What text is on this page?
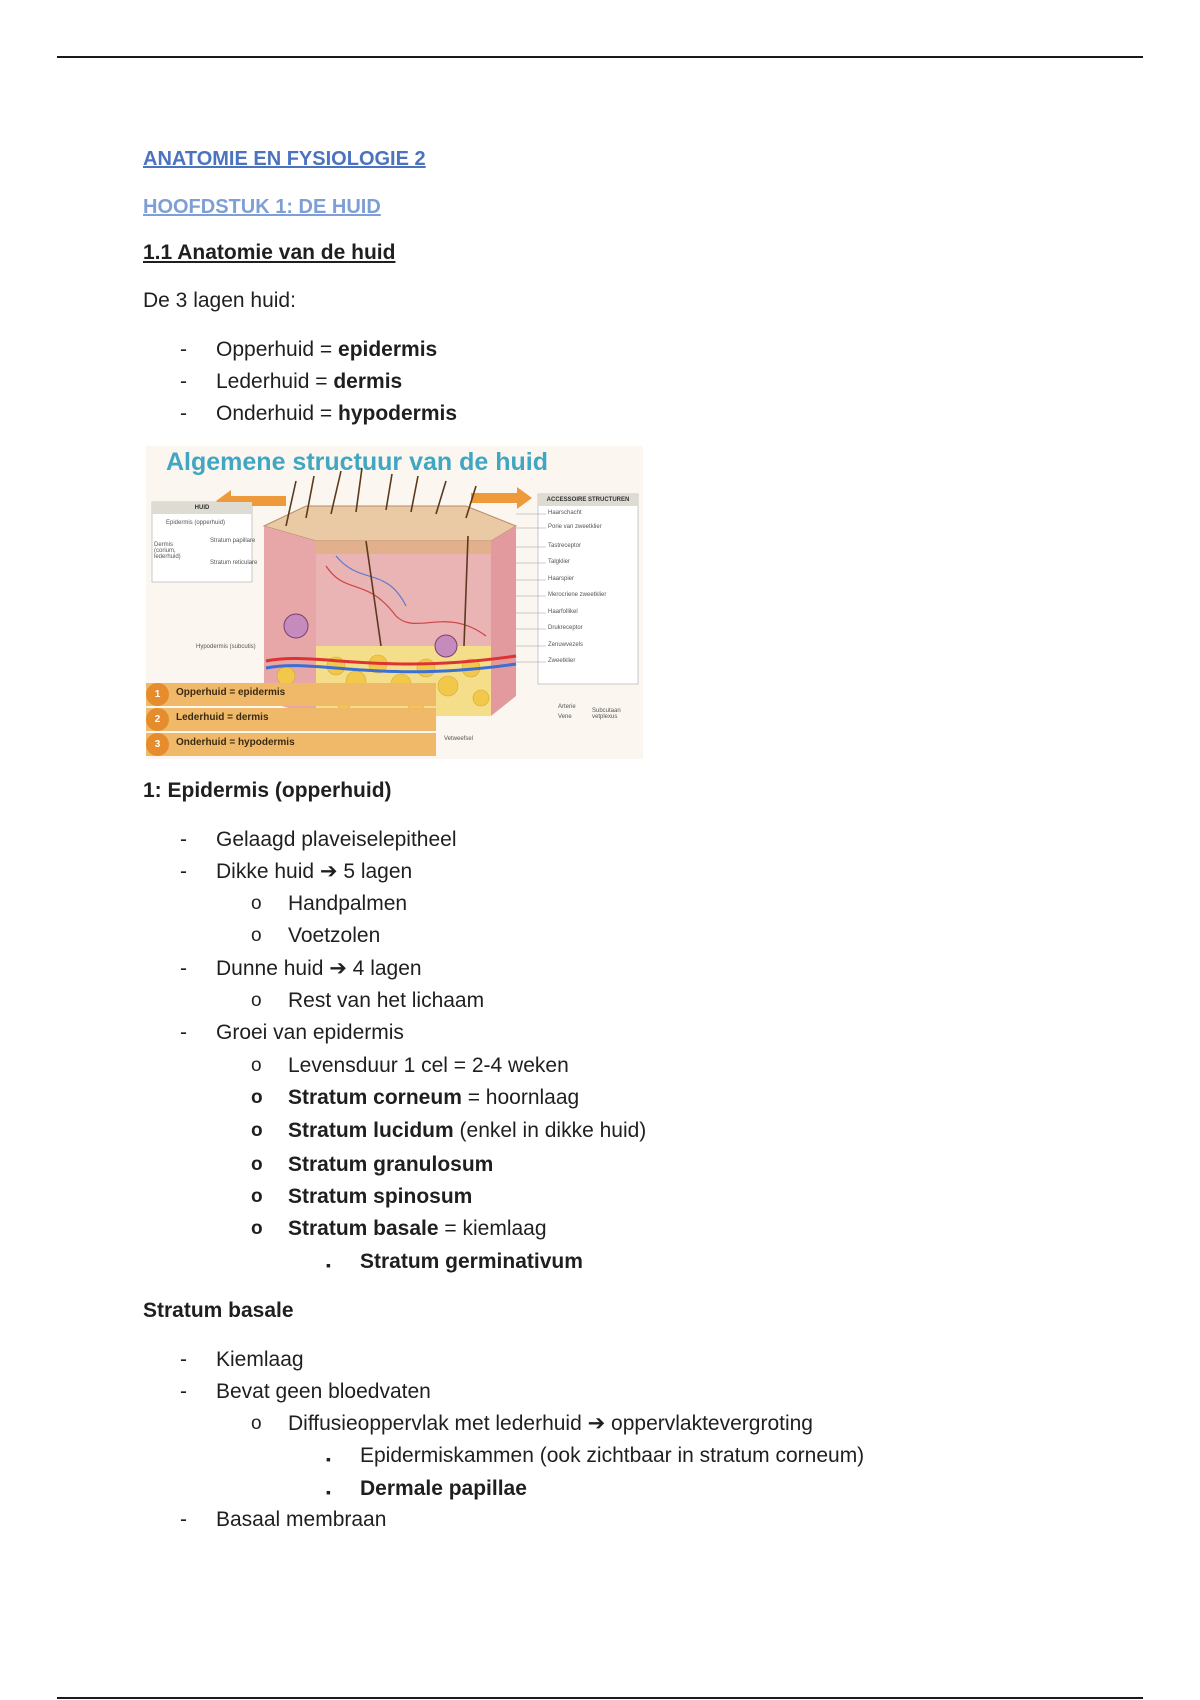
ANATOMIE EN FYSIOLOGIE 2
HOOFDSTUK 1: DE HUID
1.1 Anatomie van de huid
De 3 lagen huid:
- Opperhuid = epidermis
- Lederhuid = dermis
- Onderhuid = hypodermis
1: Epidermis (opperhuid)
- Gelaagd plaveiselepitheel
- Dikke huid ➔ 5 lagen
o Handpalmen
o Voetzolen
- Dunne huid ➔ 4 lagen
o Rest van het lichaam
- Groei van epidermis
o Levensduur 1 cel = 2-4 weken
o Stratum corneum = hoornlaag
o Stratum lucidum (enkel in dikke huid)
o Stratum granulosum
o Stratum spinosum
o Stratum basale = kiemlaag
▪ Stratum germinativum
Stratum basale
- Kiemlaag
- Bevat geen bloedvaten
o Diffusieoppervlak met lederhuid ➔ oppervlaktevergroting
▪ Epidermiskammen (ook zichtbaar in stratum corneum)
▪ Dermale papillae
- Basaal membraan
Algemene structuur van de huid
HUID
Epidermis (opperhuid)
Dermis (corium, lederhuid)
Stratum papillare
Stratum reticulare
Hypodermis (subcutis)
ACCESSOIRE STRUCTUREN
Haarschacht
Porie van zweetklier
Tastreceptor
Talgklier
Haarspier
Merocriene zweetklier
Haarfollikel
Drukreceptor
Zenuwvezels
Zweetklier
Arterie
Vene
Subcutaan vetplexus
Vetweefsel
1	Opperhuid = epidermis
2	Lederhuid = dermis
3	Onderhuid = hypodermis
